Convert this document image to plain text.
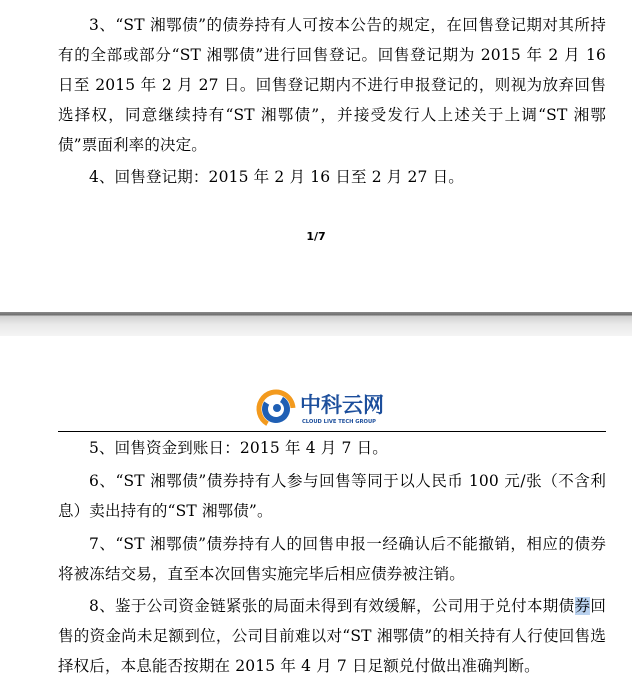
3、“ST 湘鄂债”的债券持有人可按本公告的规定，在回售登记期对其所持有的全部或部分“ST 湘鄂债”进行回售登记。回售登记期为 2015 年 2 月 16 日至 2015 年 2 月 27 日。回售登记期内不进行申报登记的，则视为放弃回售选择权，同意继续持有“ST 湘鄂债”，并接受发行人上述关于上调“ST 湘鄂债”票面利率的决定。
4、回售登记期：2015 年 2 月 16 日至 2 月 27 日。
1/7
中科云网
CLOUD LIVE TECH GROUP
5、回售资金到账日：2015 年 4 月 7 日。
6、“ST 湘鄂债”债券持有人参与回售等同于以人民币 100 元/张（不含利息）卖出持有的“ST 湘鄂债”。
7、“ST 湘鄂债”债券持有人的回售申报一经确认后不能撤销，相应的债券将被冻结交易，直至本次回售实施完毕后相应债券被注销。
8、鉴于公司资金链紧张的局面未得到有效缓解，公司用于兑付本期债券回售的资金尚未足额到位，公司目前难以对“ST 湘鄂债”的相关持有人行使回售选择权后，本息能否按期在 2015 年 4 月 7 日足额兑付做出准确判断。
